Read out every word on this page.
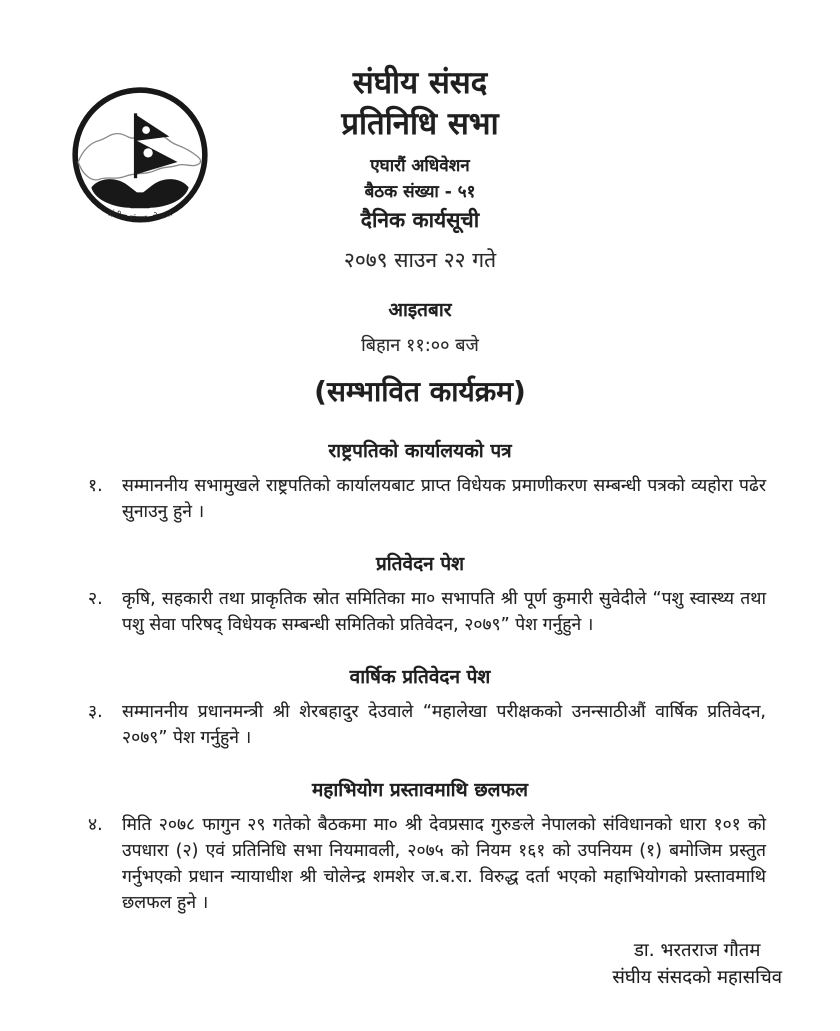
संघीय संसद, नेपाल
संघीय संसद
प्रतिनिधि सभा
एघारौं अधिवेशन
बैठक संख्या - ५१
दैनिक कार्यसूची
२०७९ साउन २२ गते
आइतबार
बिहान ११:०० बजे
(सम्भावित कार्यक्रम)
राष्ट्रपतिको कार्यालयको पत्र
१.	सम्माननीय सभामुखले राष्ट्रपतिको कार्यालयबाट प्राप्त विधेयक प्रमाणीकरण सम्बन्धी पत्रको व्यहोरा पढेर सुनाउनु हुने ।
प्रतिवेदन पेश
२.	कृषि, सहकारी तथा प्राकृतिक स्रोत समितिका मा० सभापति श्री पूर्ण कुमारी सुवेदीले “पशु स्वास्थ्य तथा पशु सेवा परिषद् विधेयक सम्बन्धी समितिको प्रतिवेदन, २०७९” पेश गर्नुहुने ।
वार्षिक प्रतिवेदन पेश
३.	सम्माननीय प्रधानमन्त्री श्री शेरबहादुर देउवाले “महालेखा परीक्षकको उनन्साठीऔं वार्षिक प्रतिवेदन, २०७९” पेश गर्नुहुने ।
महाभियोग प्रस्तावमाथि छलफल
४.	मिति २०७८ फागुन २९ गतेको बैठकमा मा० श्री देवप्रसाद गुरुङले नेपालको संविधानको धारा १०१ को उपधारा (२) एवं प्रतिनिधि सभा नियमावली, २०७५ को नियम १६१ को उपनियम (१) बमोजिम प्रस्तुत गर्नुभएको प्रधान न्यायाधीश श्री चोलेन्द्र शमशेर ज.ब.रा. विरुद्ध दर्ता भएको महाभियोगको प्रस्तावमाथि छलफल हुने ।
डा. भरतराज गौतम
संघीय संसदको महासचिव
